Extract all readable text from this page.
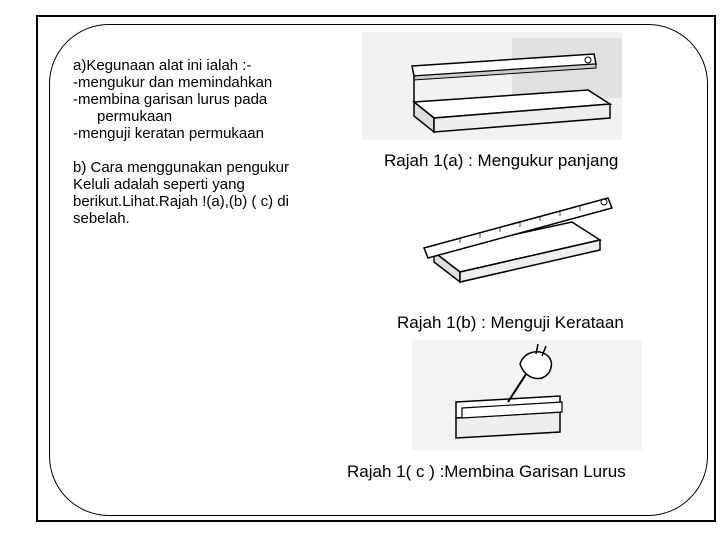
a)Kegunaan alat ini ialah :-
-mengukur dan memindahkan
-membina garisan lurus pada
permukaan
-menguji keratan permukaan
b) Cara menggunakan pengukur
Keluli adalah seperti yang
berikut.Lihat.Rajah !(a),(b) ( c) di
sebelah.
Rajah 1(a) : Mengukur panjang
Rajah 1(b) : Menguji Kerataan
Rajah 1( c ) :Membina Garisan Lurus
